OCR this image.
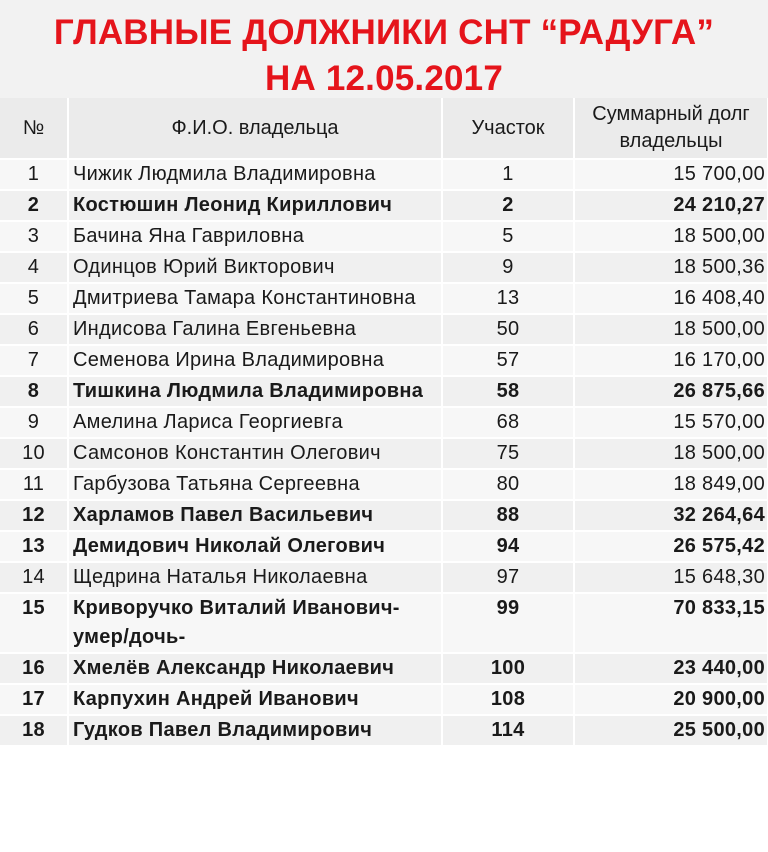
ГЛАВНЫЕ ДОЛЖНИКИ СНТ “РАДУГА”
НА 12.05.2017
№	Ф.И.О. владельца	Участок	Суммарный долг владельцы
1	Чижик Людмила Владимировна	1	15 700,00
2	Костюшин Леонид Кириллович	2	24 210,27
3	Бачина Яна Гавриловна	5	18 500,00
4	Одинцов Юрий Викторович	9	18 500,36
5	Дмитриева Тамара Константиновна	13	16 408,40
6	Индисова Галина Евгеньевна	50	18 500,00
7	Семенова Ирина Владимировна	57	16 170,00
8	Тишкина Людмила Владимировна	58	26 875,66
9	Амелина Лариса Георгиевга	68	15 570,00
10	Самсонов Константин Олегович	75	18 500,00
11	Гарбузова Татьяна Сергеевна	80	18 849,00
12	Харламов Павел Васильевич	88	32 264,64
13	Демидович Николай Олегович	94	26 575,42
14	Щедрина Наталья Николаевна	97	15 648,30
15	Криворучко Виталий Иванович- умер/дочь-	99	70 833,15
16	Хмелёв Александр Николаевич	100	23 440,00
17	Карпухин Андрей Иванович	108	20 900,00
18	Гудков Павел Владимирович	114	25 500,00
